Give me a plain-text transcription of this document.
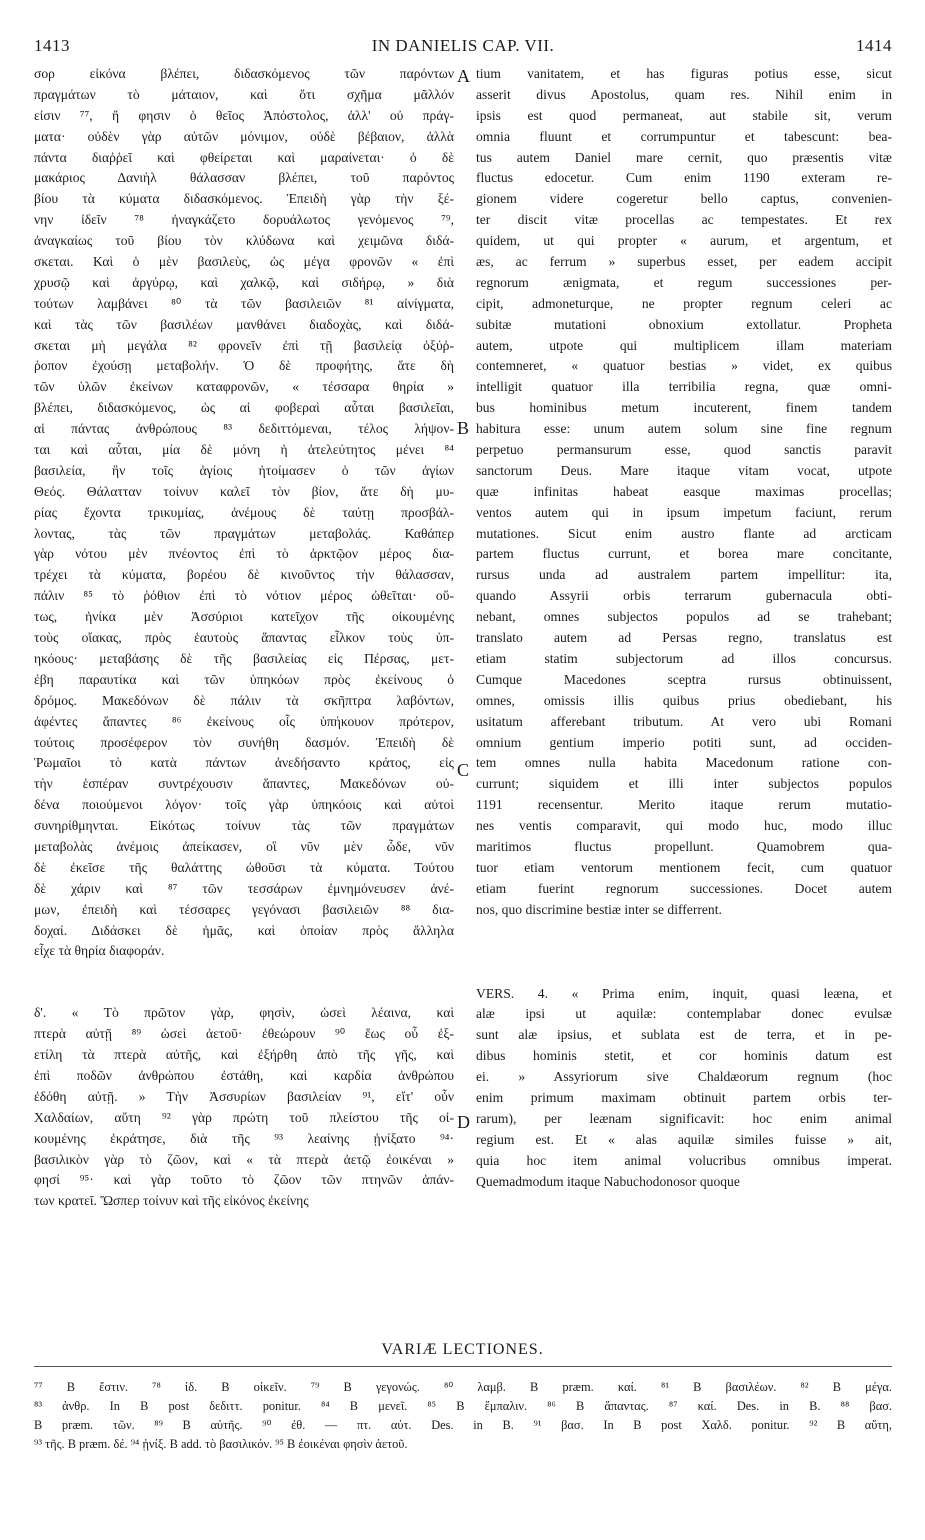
1413	IN DANIELIS CAP. VII.	1414
σορ εἰκόνα βλέπει, διδασκόμενος τῶν παρόντων
πραγμάτων τὸ μάταιον, καὶ ὅτι σχῆμα μᾶλλόν
εἰσιν ⁷⁷, ἤ φησιν ὁ θεῖος Ἀπόστολος, ἀλλ' οὐ πράγ-
ματα· οὐδὲν γὰρ αὐτῶν μόνιμον, οὐδὲ βέβαιον, ἀλλὰ
πάντα διαῤῥεῖ καὶ φθείρεται καὶ μαραίνεται· ὁ δὲ
μακάριος Δανιὴλ θάλασσαν βλέπει, τοῦ παρόντος
βίου τὰ κύματα διδασκόμενος. Ἐπειδὴ γὰρ τὴν ξέ-
νην ἰδεῖν ⁷⁸ ἠναγκάζετο δορυάλωτος γενόμενος ⁷⁹,
ἀναγκαίως τοῦ βίου τὸν κλύδωνα καὶ χειμῶνα διδά-
σκεται. Καὶ ὁ μὲν βασιλεὺς, ὡς μέγα φρονῶν « ἐπὶ
χρυσῷ καὶ ἀργύρῳ, καὶ χαλκῷ, καὶ σιδήρῳ, » διὰ
τούτων λαμβάνει ⁸⁰ τὰ τῶν βασιλειῶν ⁸¹ αἰνίγματα,
καὶ τὰς τῶν βασιλέων μανθάνει διαδοχὰς, καὶ διδά-
σκεται μὴ μεγάλα ⁸² φρονεῖν ἐπὶ τῇ βασιλείᾳ ὀξύῤ-
ῥοπον ἐχούσῃ μεταβολήν. Ὁ δὲ προφήτης, ἅτε δὴ
τῶν ὑλῶν ἐκείνων καταφρονῶν, « τέσσαρα θηρία »
βλέπει, διδασκόμενος, ὡς αἱ φοβεραὶ αὗται βασιλεῖαι,
αἱ πάντας ἀνθρώπους ⁸³ δεδιττόμεναι, τέλος λήψον-
ται καὶ αὗται, μία δὲ μόνη ἡ ἀτελεύτητος μένει ⁸⁴
βασιλεία, ἣν τοῖς ἁγίοις ἡτοίμασεν ὁ τῶν ἁγίων
Θεός. Θάλατταν τοίνυν καλεῖ τὸν βίον, ἅτε δὴ μυ-
ρίας ἔχοντα τρικυμίας, ἀνέμους δὲ ταύτῃ προσβάλ-
λοντας, τὰς τῶν πραγμάτων μεταβολάς. Καθάπερ
γὰρ νότου μὲν πνέοντος ἐπὶ τὸ ἀρκτῷον μέρος δια-
τρέχει τὰ κύματα, βορέου δὲ κινοῦντος τὴν θάλασσαν,
πάλιν ⁸⁵ τὸ ῥόθιον ἐπὶ τὸ νότιον μέρος ὠθεῖται· οὕ-
τως, ἡνίκα μὲν Ἀσσύριοι κατεῖχον τῆς οἰκουμένης
τοὺς οἴακας, πρὸς ἑαυτοὺς ἅπαντας εἷλκον τοὺς ὑπ-
ηκόους· μεταβάσης δὲ τῆς βασιλείας εἰς Πέρσας, μετ-
έβη παραυτίκα καὶ τῶν ὑπηκόων πρὸς ἐκείνους ὁ
δρόμος. Μακεδόνων δὲ πάλιν τὰ σκῆπτρα λαβόντων,
ἀφέντες ἅπαντες ⁸⁶ ἐκείνους οἷς ὑπήκουον πρότερον,
τούτοις προσέφερον τὸν συνήθη δασμόν. Ἐπειδὴ δὲ
Ῥωμαῖοι τὸ κατὰ πάντων ἀνεδήσαντο κράτος, εἰς
τὴν ἑσπέραν συντρέχουσιν ἅπαντες, Μακεδόνων οὐ-
δένα ποιούμενοι λόγον· τοῖς γὰρ ὑπηκόοις καὶ αὐτοὶ
συνηρίθμηνται. Εἰκότως τοίνυν τὰς τῶν πραγμάτων
μεταβολὰς ἀνέμοις ἀπείκασεν, οἳ νῦν μὲν ὧδε, νῦν
δὲ ἐκεῖσε τῆς θαλάττης ὠθοῦσι τὰ κύματα. Τούτου
δὲ χάριν καὶ ⁸⁷ τῶν τεσσάρων ἐμνημόνευσεν ἀνέ-
μων, ἐπειδὴ καὶ τέσσαρες γεγόνασι βασιλειῶν ⁸⁸ δια-
δοχαί. Διδάσκει δὲ ἡμᾶς, καὶ ὁποίαν πρὸς ἄλληλα
εἶχε τὰ θηρία διαφοράν.
δ'. « Τὸ πρῶτον γὰρ, φησὶν, ὡσεὶ λέαινα, καὶ
πτερὰ αὐτῇ ⁸⁹ ὡσεὶ ἀετοῦ· ἐθεώρουν ⁹⁰ ἕως οὗ ἐξ-
ετίλη τὰ πτερὰ αὐτῆς, καὶ ἐξήρθη ἀπὸ τῆς γῆς, καὶ
ἐπὶ ποδῶν ἀνθρώπου ἐστάθη, καὶ καρδία ἀνθρώπου
ἐδόθη αὐτῇ. » Τὴν Ἀσσυρίων βασιλείαν ⁹¹, εἴτ' οὖν
Χαλδαίων, αὕτη ⁹² γὰρ πρώτη τοῦ πλείστου τῆς οἰ-
κουμένης ἐκράτησε, διὰ τῆς ⁹³ λεαίνης ᾐνίξατο ⁹⁴·
βασιλικὸν γὰρ τὸ ζῶον, καὶ « τὰ πτερὰ ἀετῷ ἐοικέναι »
φησί ⁹⁵· καὶ γὰρ τοῦτο τὸ ζῶον τῶν πτηνῶν ἁπάν-
των κρατεῖ. Ὥσπερ τοίνυν καὶ τῆς εἰκόνος ἐκείνης
tium vanitatem, et has figuras potius esse, sicut
asserit divus Apostolus, quam res. Nihil enim in
ipsis est quod permaneat, aut stabile sit, verum
omnia fluunt et corrumpuntur et tabescunt: bea-
tus autem Daniel mare cernit, quo præsentis vitæ
fluctus edocetur. Cum enim 1190 exteram re-
gionem videre cogeretur bello captus, convenien-
ter discit vitæ procellas ac tempestates. Et rex
quidem, ut qui propter « aurum, et argentum, et
æs, ac ferrum » superbus esset, per eadem accipit
regnorum ænigmata, et regum successiones per-
cipit, admoneturque, ne propter regnum celeri ac
subitæ mutationi obnoxium extollatur. Propheta
autem, utpote qui multiplicem illam materiam
contemneret, « quatuor bestias » videt, ex quibus
intelligit quatuor illa terribilia regna, quæ omni-
bus hominibus metum incuterent, finem tandem
habitura esse: unum autem solum sine fine regnum
perpetuo permansurum esse, quod sanctis paravit
sanctorum Deus. Mare itaque vitam vocat, utpote
quæ infinitas habeat easque maximas procellas;
ventos autem qui in ipsum impetum faciunt, rerum
mutationes. Sicut enim austro flante ad arcticam
partem fluctus currunt, et borea mare concitante,
rursus unda ad australem partem impellitur: ita,
quando Assyrii orbis terrarum gubernacula obti-
nebant, omnes subjectos populos ad se trahebant;
translato autem ad Persas regno, translatus est
etiam statim subjectorum ad illos concursus.
Cumque Macedones sceptra rursus obtinuissent,
omnes, omissis illis quibus prius obediebant, his
usitatum afferebant tributum. At vero ubi Romani
omnium gentium imperio potiti sunt, ad occiden-
tem omnes nulla habita Macedonum ratione con-
currunt; siquidem et illi inter subjectos populos
1191 recensentur. Merito itaque rerum mutatio-
nes ventis comparavit, qui modo huc, modo illuc
maritimos fluctus propellunt. Quamobrem qua-
tuor etiam ventorum mentionem fecit, cum quatuor
etiam fuerint regnorum successiones. Docet autem
nos, quo discrimine bestiæ inter se differrent.
VERS. 4. « Prima enim, inquit, quasi leæna, et
alæ ipsi ut aquilæ: contemplabar donec evulsæ
sunt alæ ipsius, et sublata est de terra, et in pe-
dibus hominis stetit, et cor hominis datum est
ei. » Assyriorum sive Chaldæorum regnum (hoc
enim primum maximam obtinuit partem orbis ter-
rarum), per leænam significavit: hoc enim animal
regium est. Et « alas aquilæ similes fuisse » ait,
quia hoc item animal volucribus omnibus imperat.
Quemadmodum itaque Nabuchodonosor quoque
A
B
C
D
VARIÆ LECTIONES.
⁷⁷ B ἔστιν. ⁷⁸ ἰδ. B οἰκεῖν. ⁷⁹ B γεγονώς. ⁸⁰ λαμβ. B præm. καί. ⁸¹ B βασιλέων. ⁸² B μέγα.
⁸³ ἀνθρ. In B post δεδιττ. ponitur. ⁸⁴ B μενεῖ. ⁸⁵ B ἔμπαλιν. ⁸⁶ B ἅπαντας. ⁸⁷ καί. Des. in B. ⁸⁸ βασ.
B præm. τῶν. ⁸⁹ B αὐτῆς. ⁹⁰ ἐθ. — πτ. αὐτ. Des. in B. ⁹¹ βασ. In B post Χαλδ. ponitur. ⁹² B αὕτη,
⁹³ τῆς. B præm. δέ. ⁹⁴ ᾐνίξ. B add. τὸ βασιλικόν. ⁹⁵ B ἐοικέναι φησὶν ἀετοῦ.
